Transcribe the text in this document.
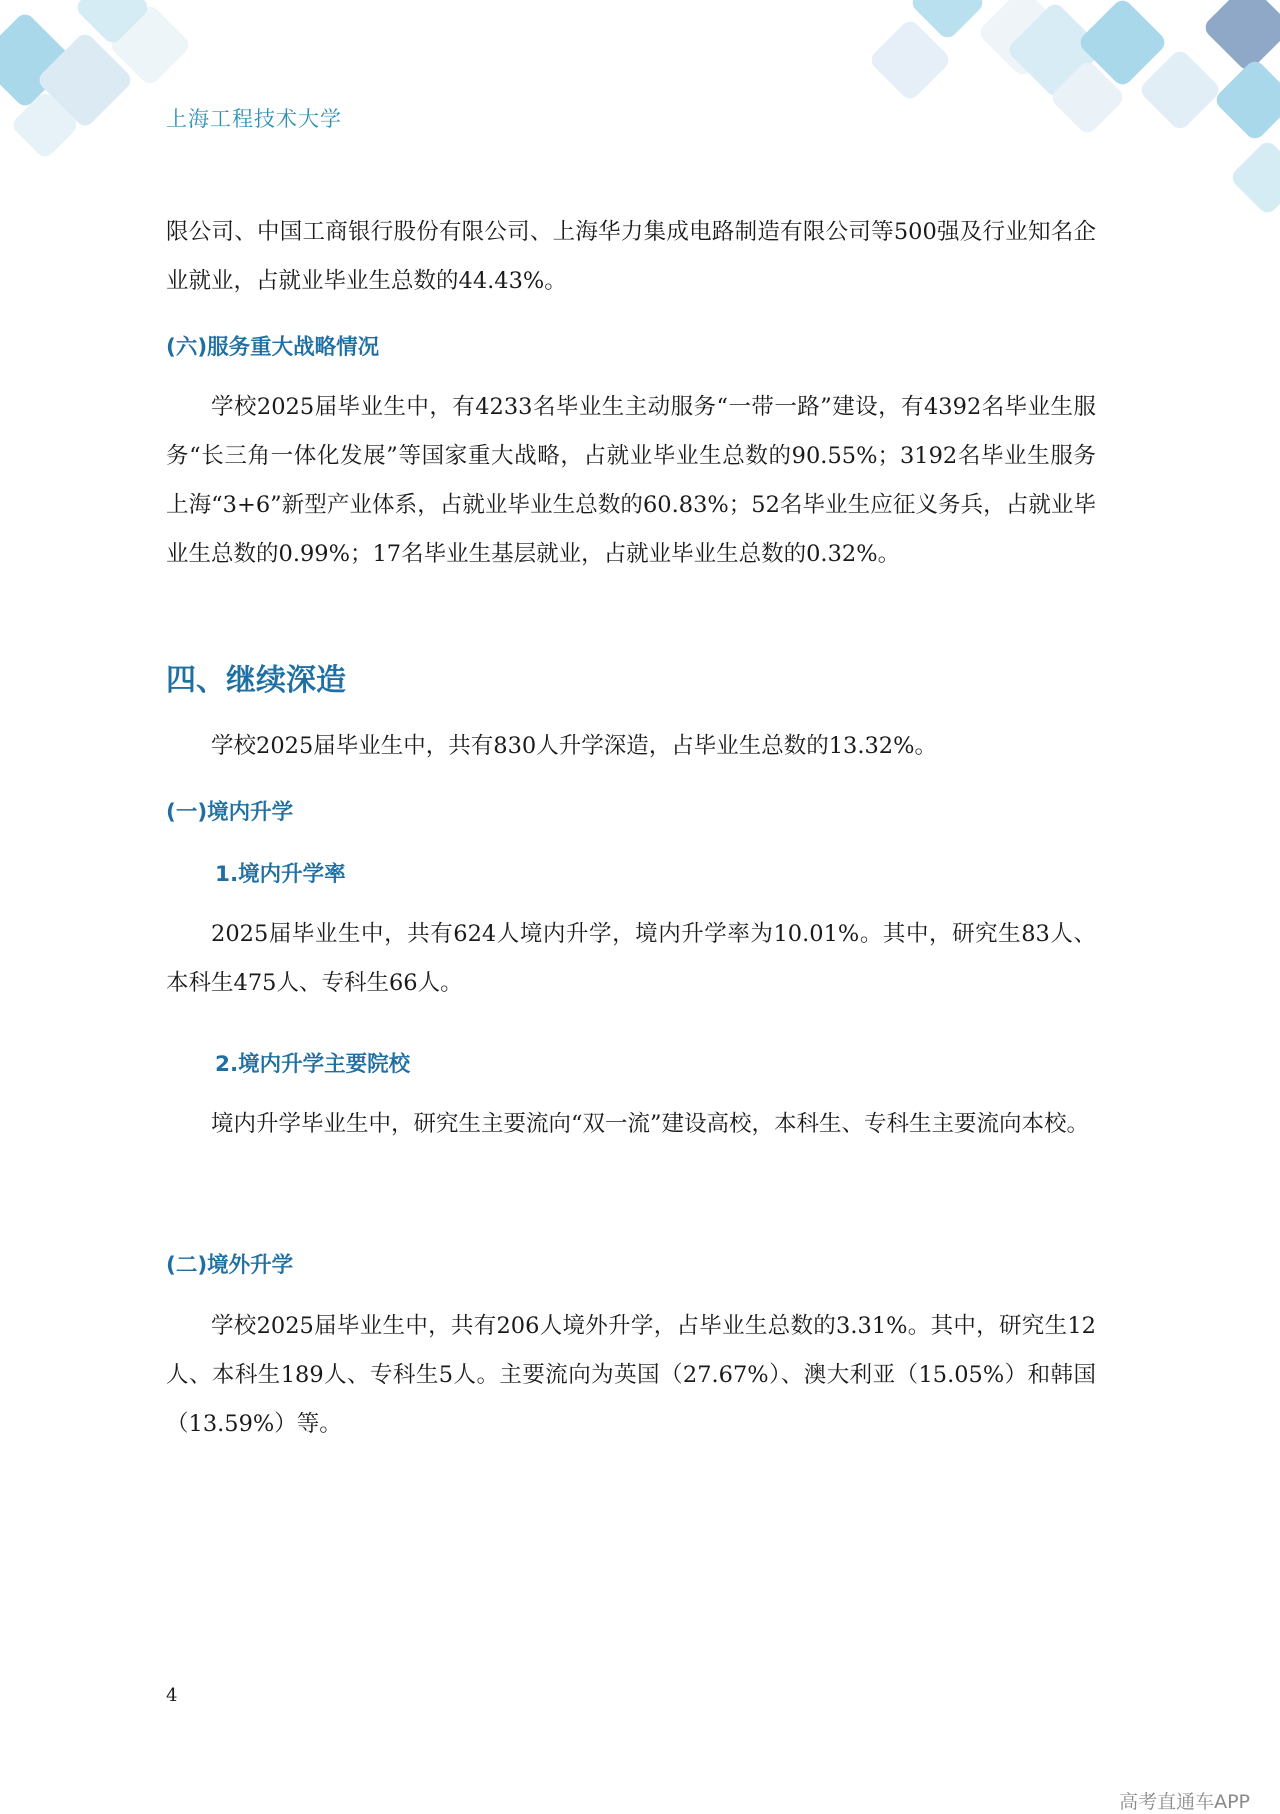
上海工程技术大学

限公司、中国工商银行股份有限公司、上海华力集成电路制造有限公司等500强及行业知名企业就业，占就业毕业生总数的44.43%。

(六)服务重大战略情况

学校2025届毕业生中，有4233名毕业生主动服务“一带一路”建设，有4392名毕业生服务“长三角一体化发展”等国家重大战略，占就业毕业生总数的90.55%；3192名毕业生服务上海“3+6”新型产业体系，占就业毕业生总数的60.83%；52名毕业生应征义务兵，占就业毕业生总数的0.99%；17名毕业生基层就业，占就业毕业生总数的0.32%。

四、继续深造

学校2025届毕业生中，共有830人升学深造，占毕业生总数的13.32%。

(一)境内升学
1.境内升学率

2025届毕业生中，共有624人境内升学，境内升学率为10.01%。其中，研究生83人、本科生475人、专科生66人。

2.境内升学主要院校

境内升学毕业生中，研究生主要流向“双一流”建设高校，本科生、专科生主要流向本校。

(二)境外升学

学校2025届毕业生中，共有206人境外升学，占毕业生总数的3.31%。其中，研究生12人、本科生189人、专科生5人。主要流向为英国（27.67%）、澳大利亚（15.05%）和韩国（13.59%）等。

4
高考直通车APP
